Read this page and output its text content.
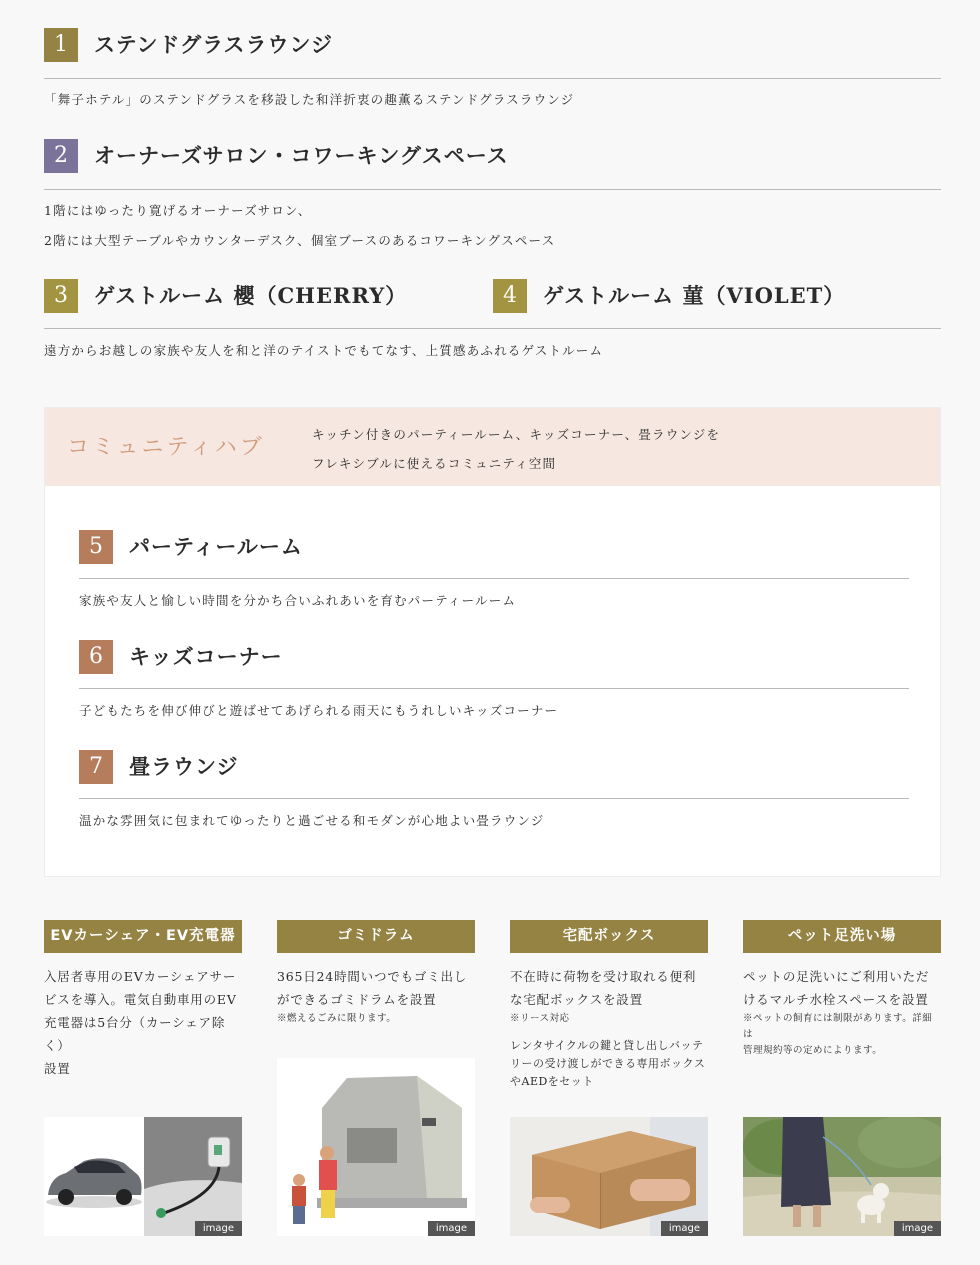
1	ステンドグラスラウンジ
「舞子ホテル」のステンドグラスを移設した和洋折衷の趣薫るステンドグラスラウンジ
2	オーナーズサロン・コワーキングスペース
1階にはゆったり寛げるオーナーズサロン、
2階には大型テーブルやカウンターデスク、個室ブースのあるコワーキングスペース
3	ゲストルーム 櫻（CHERRY）	4	ゲストルーム 菫（VIOLET）
遠方からお越しの家族や友人を和と洋のテイストでもてなす、上質感あふれるゲストルーム
コミュニティハブ
キッチン付きのパーティールーム、キッズコーナー、畳ラウンジを
フレキシブルに使えるコミュニティ空間
5	パーティールーム
家族や友人と愉しい時間を分かち合いふれあいを育むパーティールーム
6	キッズコーナー
子どもたちを伸び伸びと遊ばせてあげられる雨天にもうれしいキッズコーナー
7	畳ラウンジ
温かな雰囲気に包まれてゆったりと過ごせる和モダンが心地よい畳ラウンジ
EVカーシェア・EV充電器
入居者専用のEVカーシェアサー
ビスを導入。電気自動車用のEV
充電器は5台分（カーシェア除く）
設置
image
ゴミドラム
365日24時間いつでもゴミ出し
ができるゴミドラムを設置
※燃えるごみに限ります。
image
宅配ボックス
不在時に荷物を受け取れる便利
な宅配ボックスを設置
※リース対応
レンタサイクルの鍵と貸し出しバッテ
リーの受け渡しができる専用ボックス
やAEDをセット
image
ペット足洗い場
ペットの足洗いにご利用いただ
けるマルチ水栓スペースを設置
※ペットの飼育には制限があります。詳細は
管理規約等の定めによります。
image
